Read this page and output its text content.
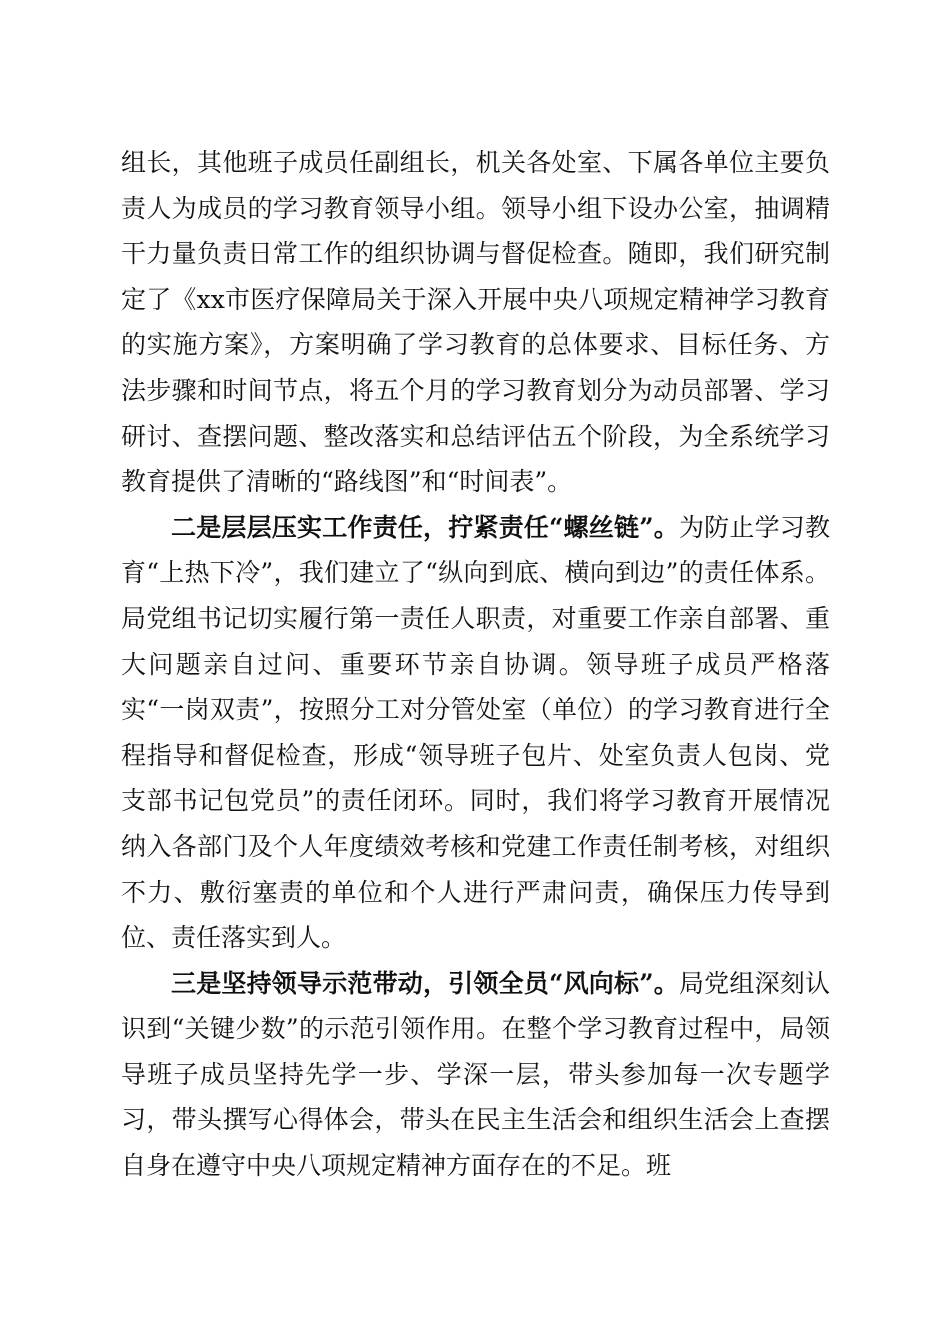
组长，其他班子成员任副组长，机关各处室、下属各单位主要负责人为成员的学习教育领导小组。领导小组下设办公室，抽调精干力量负责日常工作的组织协调与督促检查。随即，我们研究制定了《xx市医疗保障局关于深入开展中央八项规定精神学习教育的实施方案》，方案明确了学习教育的总体要求、目标任务、方法步骤和时间节点，将五个月的学习教育划分为动员部署、学习研讨、查摆问题、整改落实和总结评估五个阶段，为全系统学习教育提供了清晰的“路线图”和“时间表”。

二是层层压实工作责任，拧紧责任“螺丝链”。为防止学习教育“上热下冷”，我们建立了“纵向到底、横向到边”的责任体系。局党组书记切实履行第一责任人职责，对重要工作亲自部署、重大问题亲自过问、重要环节亲自协调。领导班子成员严格落实“一岗双责”，按照分工对分管处室（单位）的学习教育进行全程指导和督促检查，形成“领导班子包片、处室负责人包岗、党支部书记包党员”的责任闭环。同时，我们将学习教育开展情况纳入各部门及个人年度绩效考核和党建工作责任制考核，对组织不力、敷衍塞责的单位和个人进行严肃问责，确保压力传导到位、责任落实到人。

三是坚持领导示范带动，引领全员“风向标”。局党组深刻认识到“关键少数”的示范引领作用。在整个学习教育过程中，局领导班子成员坚持先学一步、学深一层，带头参加每一次专题学习，带头撰写心得体会，带头在民主生活会和组织生活会上查摆自身在遵守中央八项规定精神方面存在的不足。班
